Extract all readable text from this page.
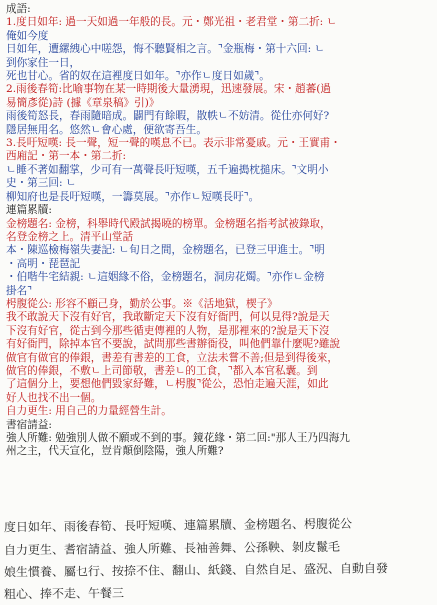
成語:
1.度日如年: 過一天如過一年般的長。元・鄭光祖・老君堂・第二折: ㄴ
俺如今度
日如年，遭縲絏心中嗟怨，悔不聽賢相之言。⌝金瓶梅・第十六回: ㄴ
到你家住一日，
死也甘心。省的奴在這裡度日如年。⌝亦作ㄴ度日如歲⌝。
2.雨後春筍:比喻事物在某一時期後大量湧現，迅速發展。宋・趙蕃(過
易簡彥從)詩 (據《章泉稿》引)》
雨後筍怒長，春雨隨暗成。闢門有餘暇，散帙ㄴ不妨清。從仕亦何好?
隱居無用名。悠然ㄴ會心處，便欲寄吾生。
3.長吁短嘆: 長一聲，短一聲的嘆息不已。表示非常憂戚。元・王實甫・
西廂記・第一本・第二折:
ㄴ睡不著如翻掌，少可有一萬聲長吁短嘆，五千遍搗枕搥床。⌝文明小
史・第三回: ㄴ
柳知府也是長吁短嘆，一籌莫展。⌝亦作ㄴ短嘆長吁⌝。
連篇累牘:
金榜題名: 金榜，科舉時代殿試揭曉的榜單。金榜題名指考試被錄取，
名登金榜之上。清平山堂話
本・陳巡檢梅嶺失妻記: ㄴ旬日之間，金榜題名，已登三甲進士。⌝明
・高明・琵琶記
・伯喈牛宅結親: ㄴ這姻緣不俗，金榜題名，洞房花燭。⌝亦作ㄴ金榜
掛名⌝
枵腹從公: 形容不顧己身，勤於公事。※《活地獄，楔子》
我不敢說天下沒有好官，我敢斷定天下沒有好衙門，何以見得?說是天
下沒有好官，從古到今那些循吏傳裡的人物，是那裡來的?說是天下沒
有好衙門，除掉本官不要說，試問那些書辦衙役，叫他們靠什麼呢?雖說
做官有做官的俸銀，書差有書差的工食，立法未嘗不善;但是到得後來，
做官的俸銀，不敷ㄴ上司節敬，書差ㄴ的工食，⌝都入本官私囊。到
了這個分上，要想他們毀家紓難，ㄴ枵腹⌝從公，恐怕走遍天涯，如此
好人也找不出一個。
自力更生: 用自己的力量經營生計。
書宿請益:
強人所難: 勉強別人做不願或不到的事。鏡花緣・第二回:"那人王乃四海九
州之主，代天宣化，豈肯顛倒陰陽，強人所難?
度日如年、雨後春筍、長吁短嘆、連篇累牘、金榜題名、枵腹從公
自力更生、耆宿請益、強人所難、長袖善舞、公孫鞅、剝皮鬣毛
娘生慣養、屬乜行、按捺不住、翻山、紙錢、自然自足、盛況、自動自發
粗心、捧不走、午餐三
